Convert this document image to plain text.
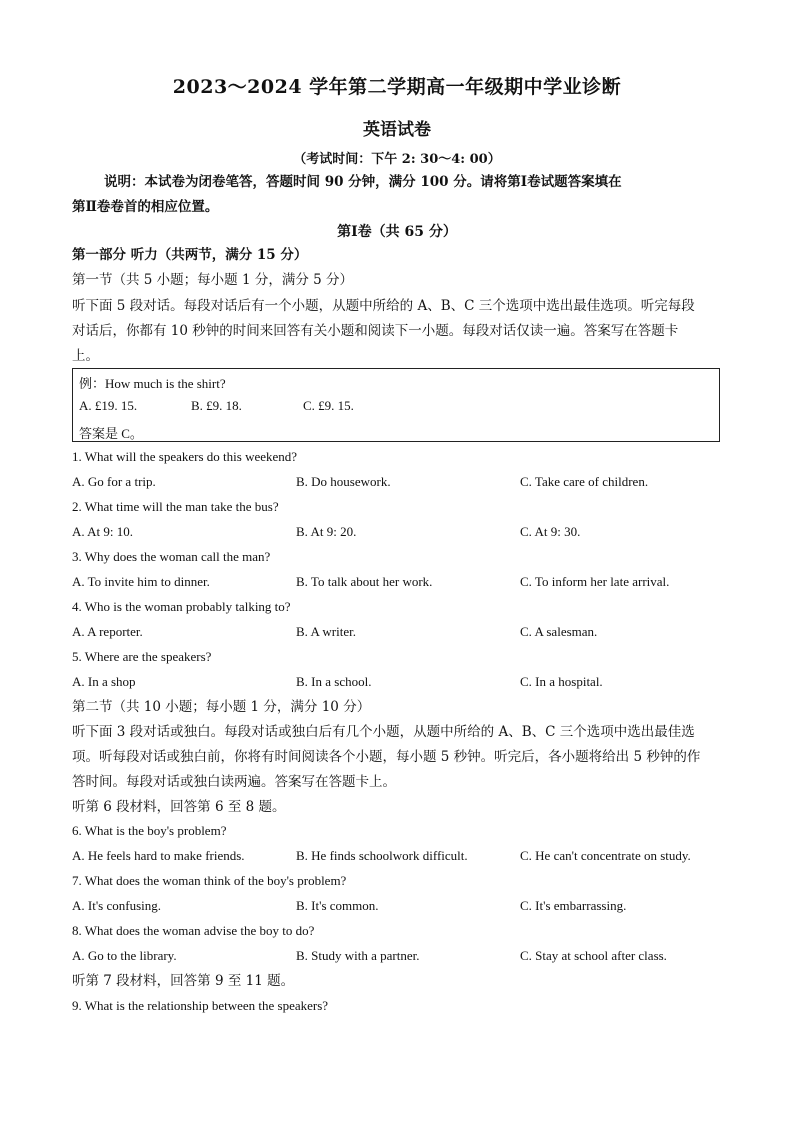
2023～2024 学年第二学期高一年级期中学业诊断
英语试卷
（考试时间：下午 2: 30～4: 00）
说明：本试卷为闭卷笔答，答题时间 90 分钟，满分 100 分。请将第Ⅰ卷试题答案填在
第Ⅱ卷卷首的相应位置。
第Ⅰ卷（共 65 分）
第一部分 听力（共两节，满分 15 分）
第一节（共 5 小题；每小题 1 分，满分 5 分）
听下面 5 段对话。每段对话后有一个小题，从题中所给的 A、B、C 三个选项中选出最佳选项。听完每段
对话后，你都有 10 秒钟的时间来回答有关小题和阅读下一小题。每段对话仅读一遍。答案写在答题卡
上。
例：How much is the shirt?
A. £19. 15.	B. £9. 18.	C. £9. 15.
答案是 C。
1. What will the speakers do this weekend?
A. Go for a trip.	B. Do housework.	C. Take care of children.
2. What time will the man take the bus?
A. At 9: 10.	B. At 9: 20.	C. At 9: 30.
3. Why does the woman call the man?
A. To invite him to dinner.	B. To talk about her work.	C. To inform her late arrival.
4. Who is the woman probably talking to?
A. A reporter.	B. A writer.	C. A salesman.
5. Where are the speakers?
A. In a shop	B. In a school.	C. In a hospital.
第二节（共 10 小题；每小题 1 分，满分 10 分）
听下面 3 段对话或独白。每段对话或独白后有几个小题，从题中所给的 A、B、C 三个选项中选出最佳选
项。听每段对话或独白前，你将有时间阅读各个小题，每小题 5 秒钟。听完后，各小题将给出 5 秒钟的作
答时间。每段对话或独白读两遍。答案写在答题卡上。
听第 6 段材料，回答第 6 至 8 题。
6. What is the boy's problem?
A. He feels hard to make friends.	B. He finds schoolwork difficult.	C. He can't concentrate on study.
7. What does the woman think of the boy's problem?
A. It's confusing.	B. It's common.	C. It's embarrassing.
8. What does the woman advise the boy to do?
A. Go to the library.	B. Study with a partner.	C. Stay at school after class.
听第 7 段材料，回答第 9 至 11 题。
9. What is the relationship between the speakers?
